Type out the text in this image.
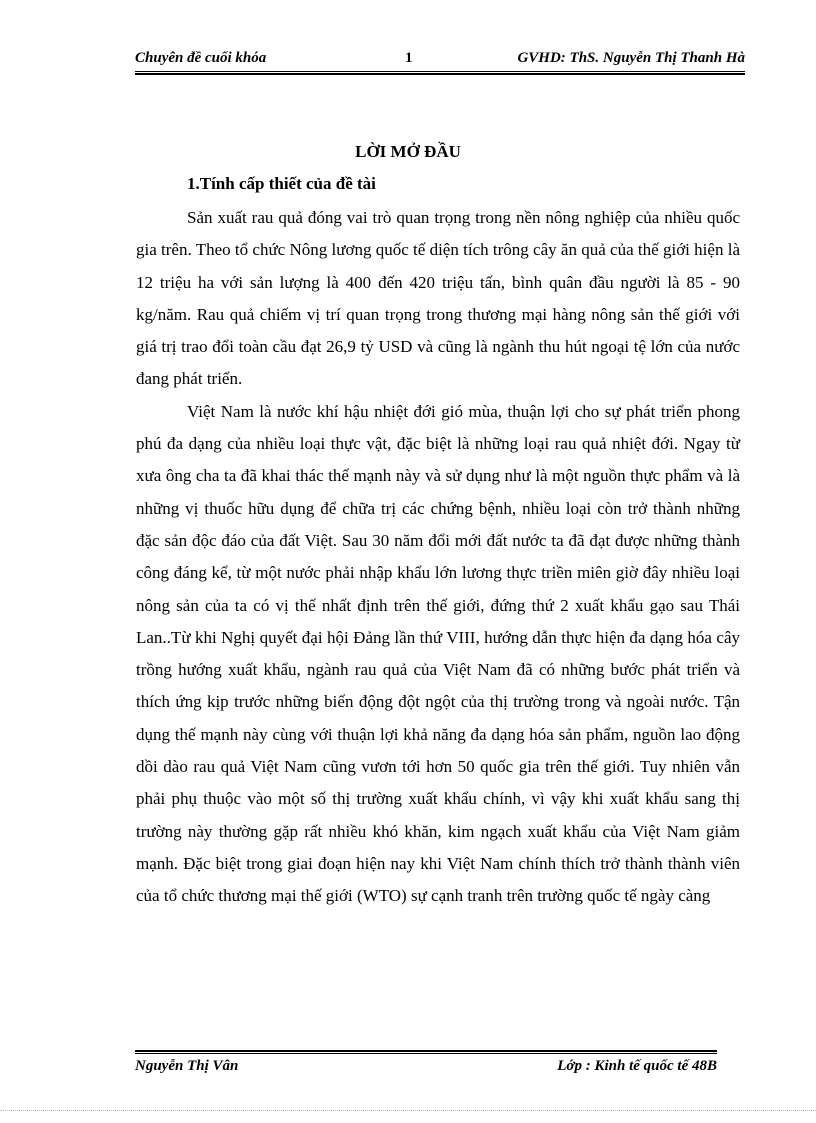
Chuyên đề cuối khóa	1	GVHD: ThS. Nguyễn Thị Thanh Hà
LỜI MỞ ĐẦU
1.Tính cấp thiết của đề tài

Sản xuất rau quả đóng vai trò quan trọng trong nền nông nghiệp của nhiều quốc gia trên. Theo tổ chức Nông lương quốc tế diện tích trông cây ăn quả của thế giới hiện là 12 triệu ha với sản lượng là 400 đến 420 triệu tấn, bình quân đầu người là 85 - 90 kg/năm. Rau quả chiếm vị trí quan trọng trong thương mại hàng nông sản thế giới với giá trị trao đổi toàn cầu đạt 26,9 tỷ USD và cũng là ngành thu hút ngoại tệ lớn của nước đang phát triển.

Việt Nam là nước khí hậu nhiệt đới gió mùa, thuận lợi cho sự phát triển phong phú đa dạng của nhiều loại thực vật, đặc biệt là những loại rau quả nhiệt đới. Ngay từ xưa ông cha ta đã khai thác thế mạnh này và sử dụng như là một nguồn thực phẩm và là những vị thuốc hữu dụng để chữa trị các chứng bệnh, nhiều loại còn trở thành những đặc sản độc đáo của đất Việt. Sau 30 năm đổi mới đất nước ta đã đạt được những thành công đáng kể, từ một nước phải nhập khẩu lớn lương thực triền miên giờ đây nhiều loại nông sản của ta có vị thế nhất định trên thế giới, đứng thứ 2 xuất khẩu gạo sau Thái Lan..Từ khi Nghị quyết đại hội Đảng lần thứ VIII, hướng dẫn thực hiện đa dạng hóa cây trồng hướng xuất khẩu, ngành rau quả của Việt Nam đã có những bước phát triển và thích ứng kịp trước những biến động đột ngột của thị trường trong và ngoài nước. Tận dụng thế mạnh này cùng với thuận lợi khả năng đa dạng hóa sản phẩm, nguồn lao động dồi dào rau quả Việt Nam cũng vươn tới hơn 50 quốc gia trên thế giới. Tuy nhiên vẫn phải phụ thuộc vào một số thị trường xuất khẩu chính, vì vậy khi xuất khẩu sang thị trường này thường gặp rất nhiều khó khăn, kim ngạch xuất khẩu của Việt Nam giảm mạnh. Đặc biệt trong giai đoạn hiện nay khi Việt Nam chính thích trở thành thành viên của tổ chức thương mại thế giới (WTO) sự cạnh tranh trên trường quốc tế ngày càng

Nguyễn Thị Vân	Lớp : Kinh tế quốc tế 48B
